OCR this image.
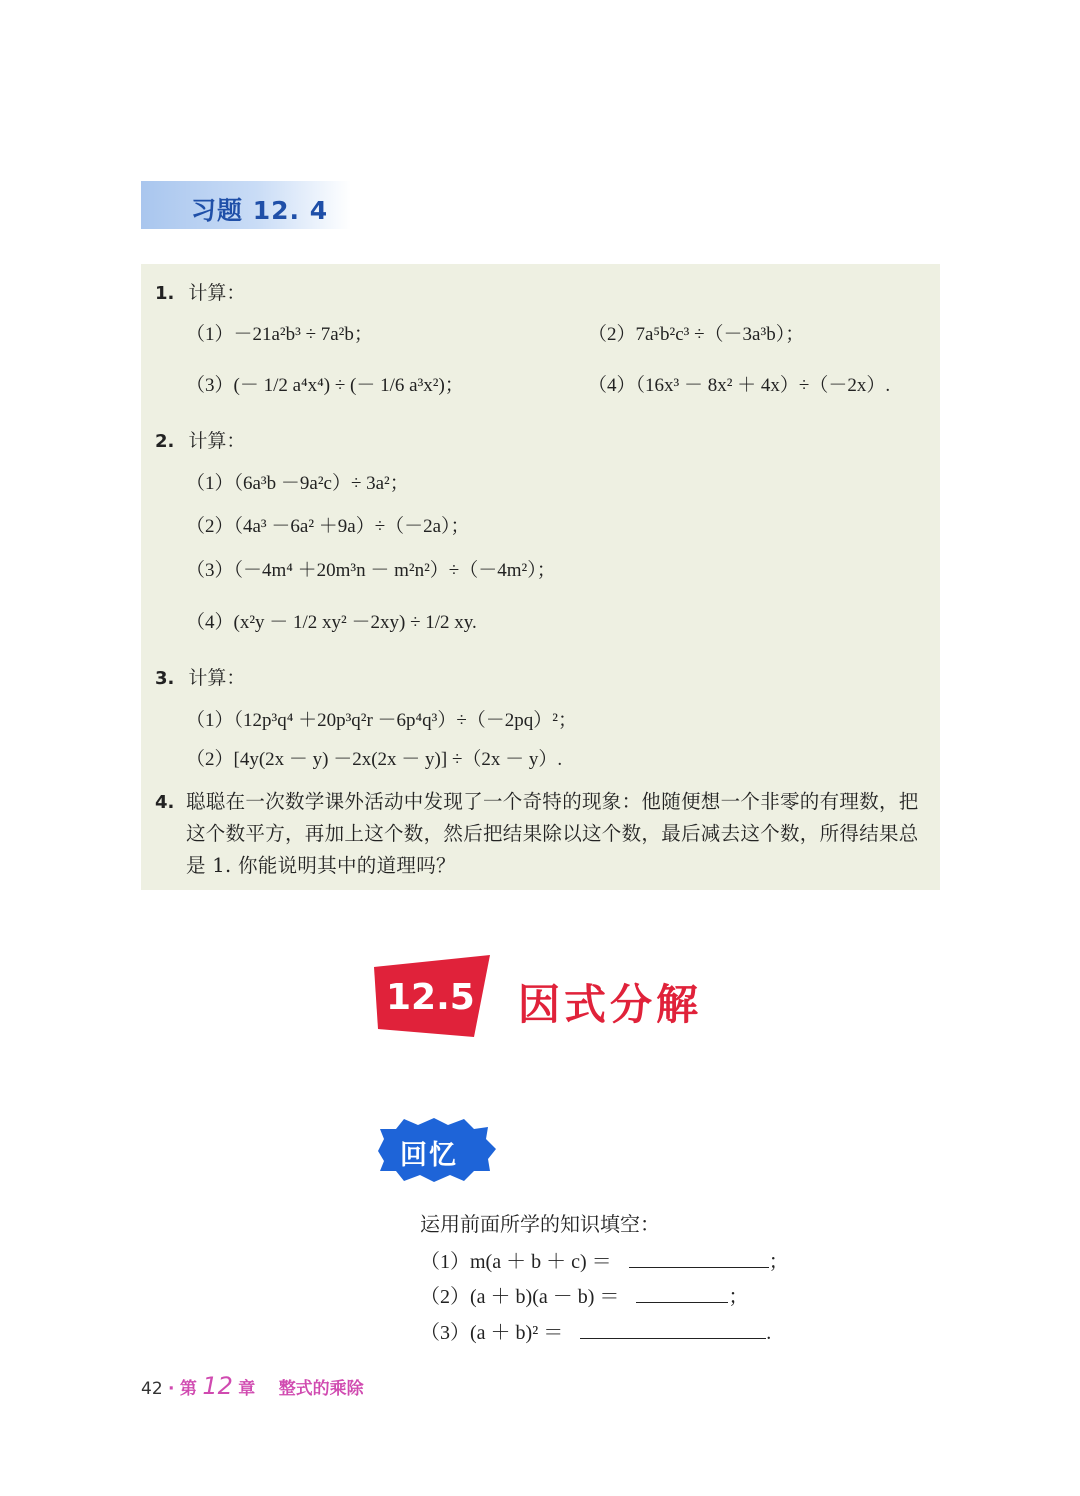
习题 12. 4
1. 计算：
（1）－21a²b³ ÷ 7a²b；	（2）7a⁵b²c³ ÷（－3a³b）；
（3）(－ 1/2 a⁴x⁴) ÷ (－ 1/6 a³x²)；	（4）（16x³ － 8x² ＋ 4x）÷（－2x）.
2. 计算：
（1）（6a³b －9a²c）÷ 3a²；
（2）（4a³ －6a² ＋9a）÷（－2a）；
（3）（－4m⁴ ＋20m³n － m²n²）÷（－4m²）；
（4）(x²y － 1/2 xy² －2xy) ÷ 1/2 xy.
3. 计算：
（1）（12p³q⁴ ＋20p³q²r －6p⁴q³）÷（－2pq）²；
（2）[4y(2x － y) －2x(2x － y)] ÷（2x － y）.
4. 聪聪在一次数学课外活动中发现了一个奇特的现象：他随便想一个非零的有理数，把这个数平方，再加上这个数，然后把结果除以这个数，最后减去这个数，所得结果总是 1. 你能说明其中的道理吗？
12.5 因式分解
回忆
运用前面所学的知识填空：
（1）m(a ＋ b ＋ c) ＝	；
（2）(a ＋ b)(a － b) ＝	；
（3）(a ＋ b)² ＝	.
42 · 第 12 章 整式的乘除
